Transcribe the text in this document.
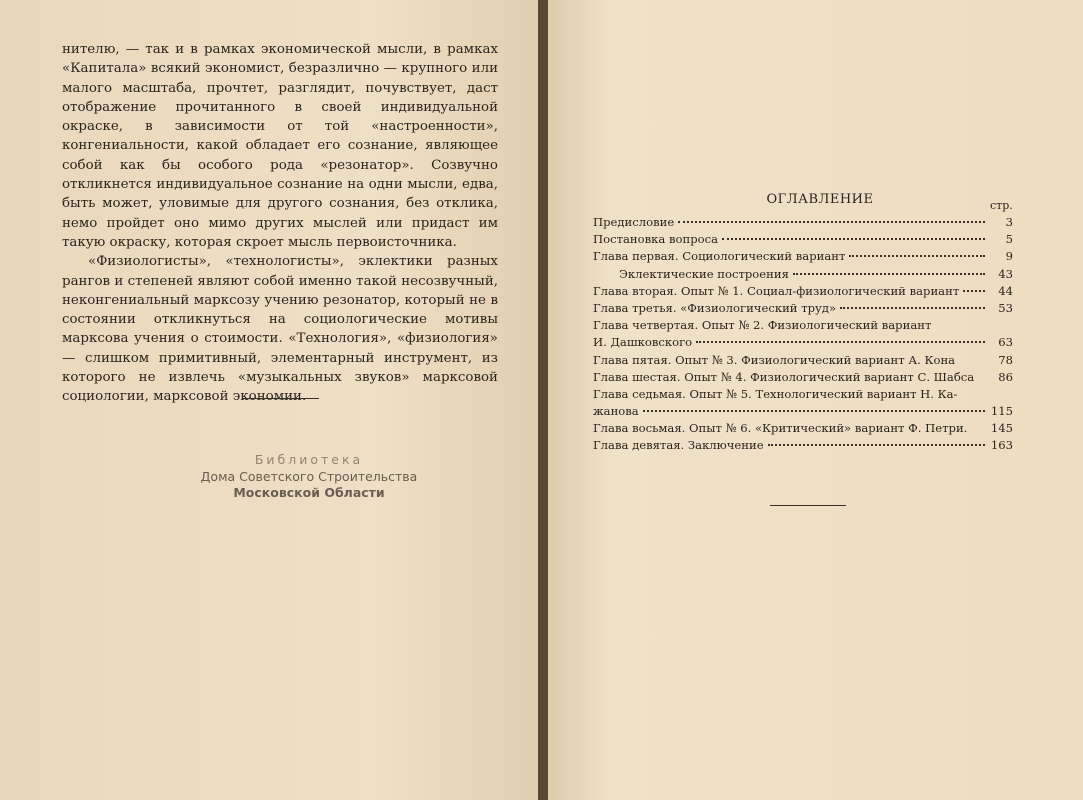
нителю, — так и в рамках экономической мысли, в рамках «Капитала» всякий экономист, безразлично — крупного или малого масштаба, прочтет, разглядит, почувствует, даст отображение прочитанного в своей индивидуальной окраске, в зависимости от той «настроенности», конгениальности, какой обладает его сознание, являющее собой как бы особого рода «резонатор». Созвучно откликнется индивидуальное сознание на одни мысли, едва, быть может, уловимые для другого сознания, без отклика, немо пройдет оно мимо других мыслей или придаст им такую окраску, которая скроет мысль первоисточника.

«Физиологисты», «технологисты», эклектики разных рангов и степеней являют собой именно такой несозвучный, неконгениальный марксозу учению резонатор, который не в состоянии откликнуться на социологические мотивы марксова учения о стоимости. «Технология», «физиология» — слишком примитивный, элементарный инструмент, из которого не извлечь «музыкальных звуков» марксовой социологии, марксовой экономии.

Библиотека
Дома Советского Строительства
Московской Области
ОГЛАВЛЕНИЕ	стр.
Предисловие	3
Постановка вопроса	5
Глава первая. Социологический вариант	9
Эклектические построения	43
Глава вторая. Опыт № 1. Социал-физиологический вариант	44
Глава третья. «Физиологический труд»	53
Глава четвертая. Опыт № 2. Физиологический вариант
И. Дашковского	63
Глава пятая. Опыт № 3. Физиологический вариант А. Кона	78
Глава шестая. Опыт № 4. Физиологический вариант С. Шабса	86
Глава седьмая. Опыт № 5. Технологический вариант Н. Ка-
жанова	115
Глава восьмая. Опыт № 6. «Критический» вариант Ф. Петри. 145
Глава девятая. Заключение	163
